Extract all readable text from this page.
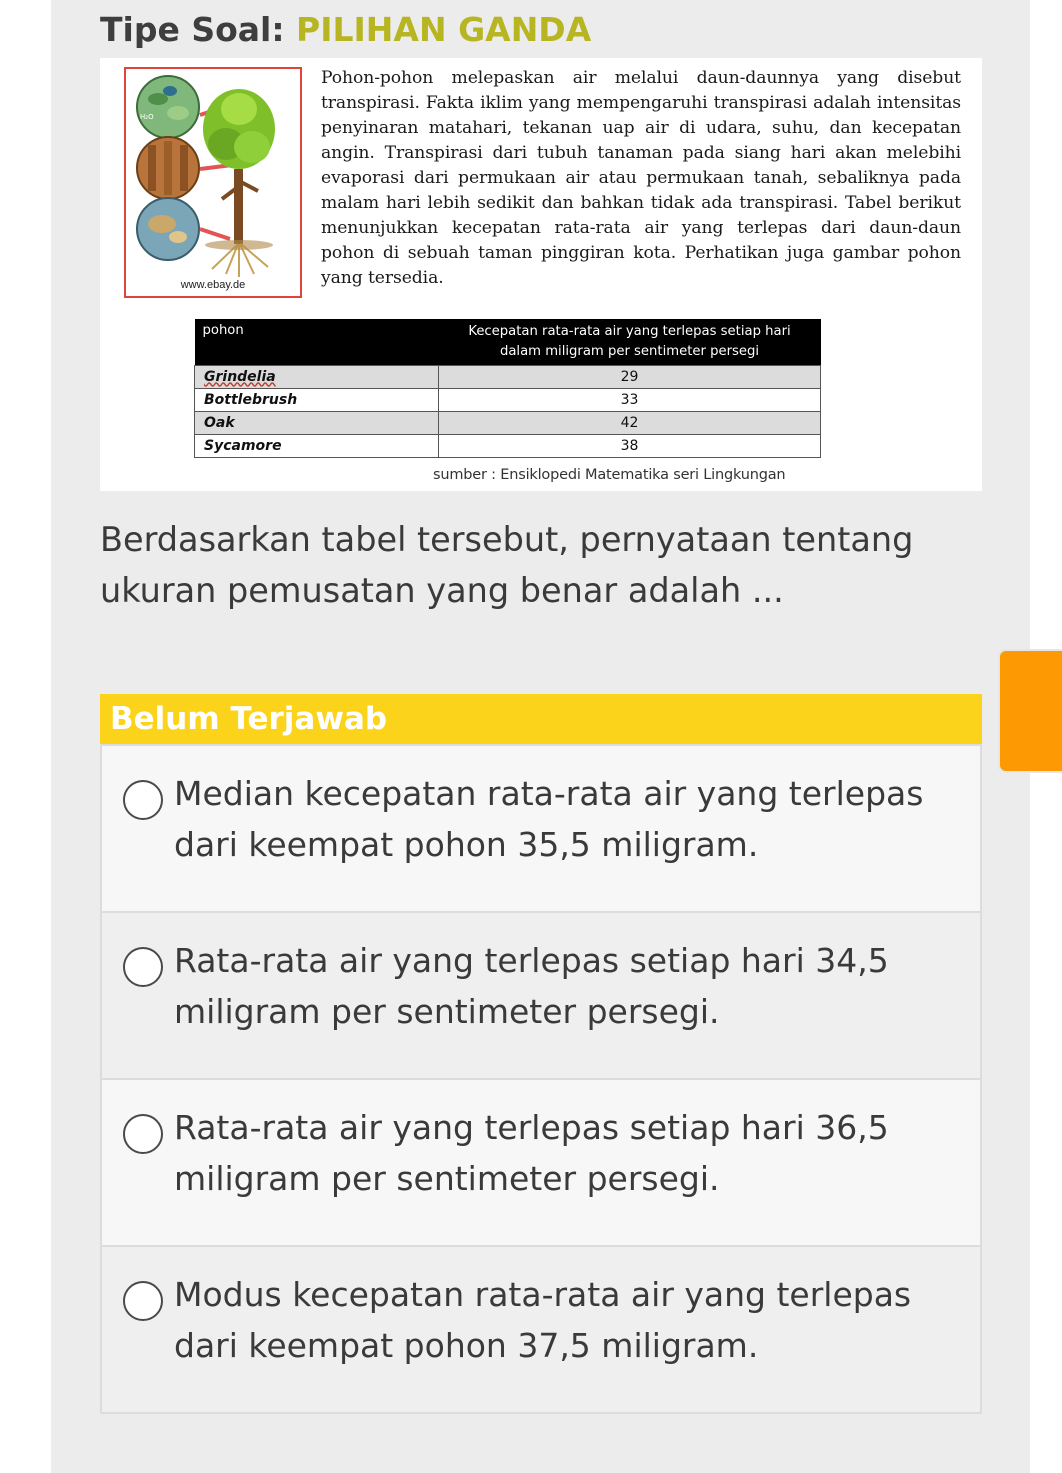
Tipe Soal: PILIHAN GANDA
H₂O
www.ebay.de
Pohon-pohon melepaskan air melalui daun-daunnya yang disebut transpirasi. Fakta iklim yang mempengaruhi transpirasi adalah intensitas penyinaran matahari, tekanan uap air di udara, suhu, dan kecepatan angin. Transpirasi dari tubuh tanaman pada siang hari akan melebihi evaporasi dari permukaan air atau permukaan tanah, sebaliknya pada malam hari lebih sedikit dan bahkan tidak ada transpirasi. Tabel berikut menunjukkan kecepatan rata-rata air yang terlepas dari daun-daun pohon di sebuah taman pinggiran kota. Perhatikan juga gambar pohon yang tersedia.
pohon	Kecepatan rata-rata air yang terlepas setiap hari dalam miligram per sentimeter persegi
Grindelia	29
Bottlebrush	33
Oak	42
Sycamore	38
sumber : Ensiklopedi Matematika seri Lingkungan
Berdasarkan tabel tersebut, pernyataan tentang ukuran pemusatan yang benar adalah ...
Belum Terjawab
Median kecepatan rata-rata air yang terlepas dari keempat pohon 35,5 miligram.
Rata-rata air yang terlepas setiap hari 34,5 miligram per sentimeter persegi.
Rata-rata air yang terlepas setiap hari 36,5 miligram per sentimeter persegi.
Modus kecepatan rata-rata air yang terlepas dari keempat pohon 37,5 miligram.
